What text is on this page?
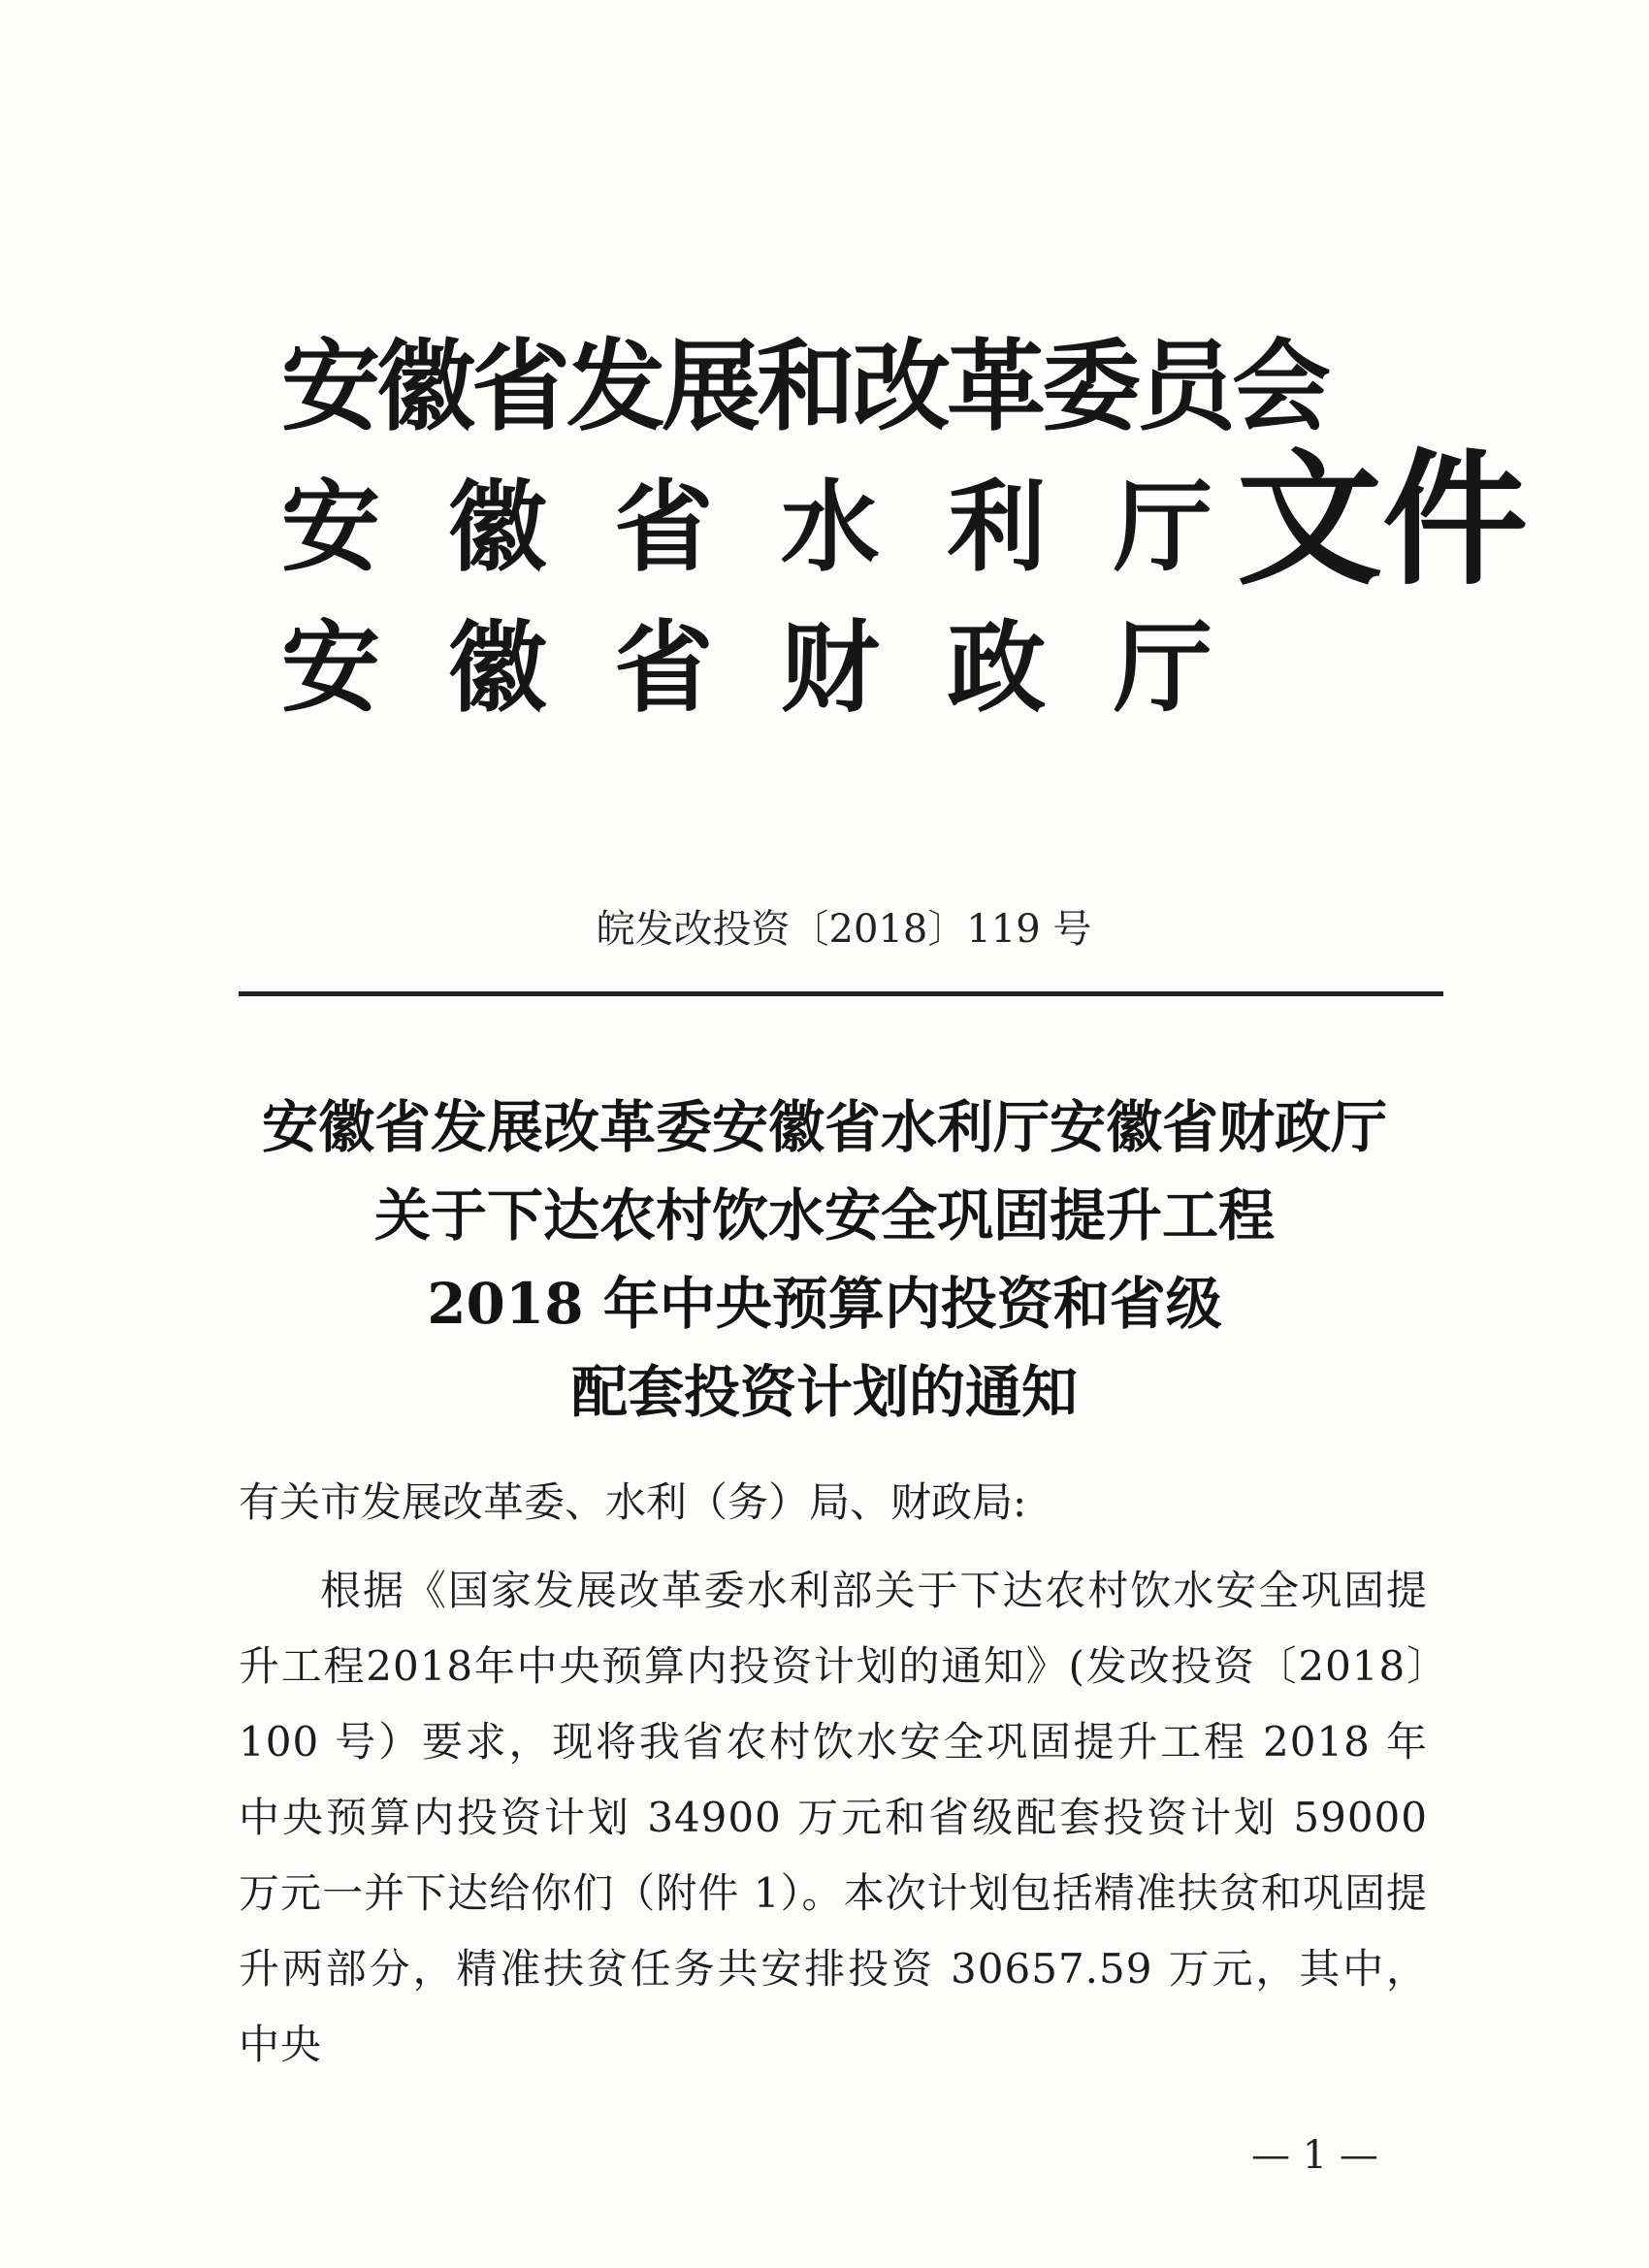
安徽省发展和改革委员会
安 徽 省 水 利 厅
安 徽 省 财 政 厅
文件
皖发改投资〔2018〕119 号
安徽省发展改革委安徽省水利厅安徽省财政厅
关于下达农村饮水安全巩固提升工程
2018 年中央预算内投资和省级
配套投资计划的通知
有关市发展改革委、水利（务）局、财政局:

根据《国家发展改革委水利部关于下达农村饮水安全巩固提升工程2018年中央预算内投资计划的通知》(发改投资〔2018〕100 号）要求，现将我省农村饮水安全巩固提升工程 2018 年中央预算内投资计划 34900 万元和省级配套投资计划 59000 万元一并下达给你们（附件 1）。本次计划包括精准扶贫和巩固提升两部分，精准扶贫任务共安排投资 30657.59 万元，其中，中央

— 1 —
